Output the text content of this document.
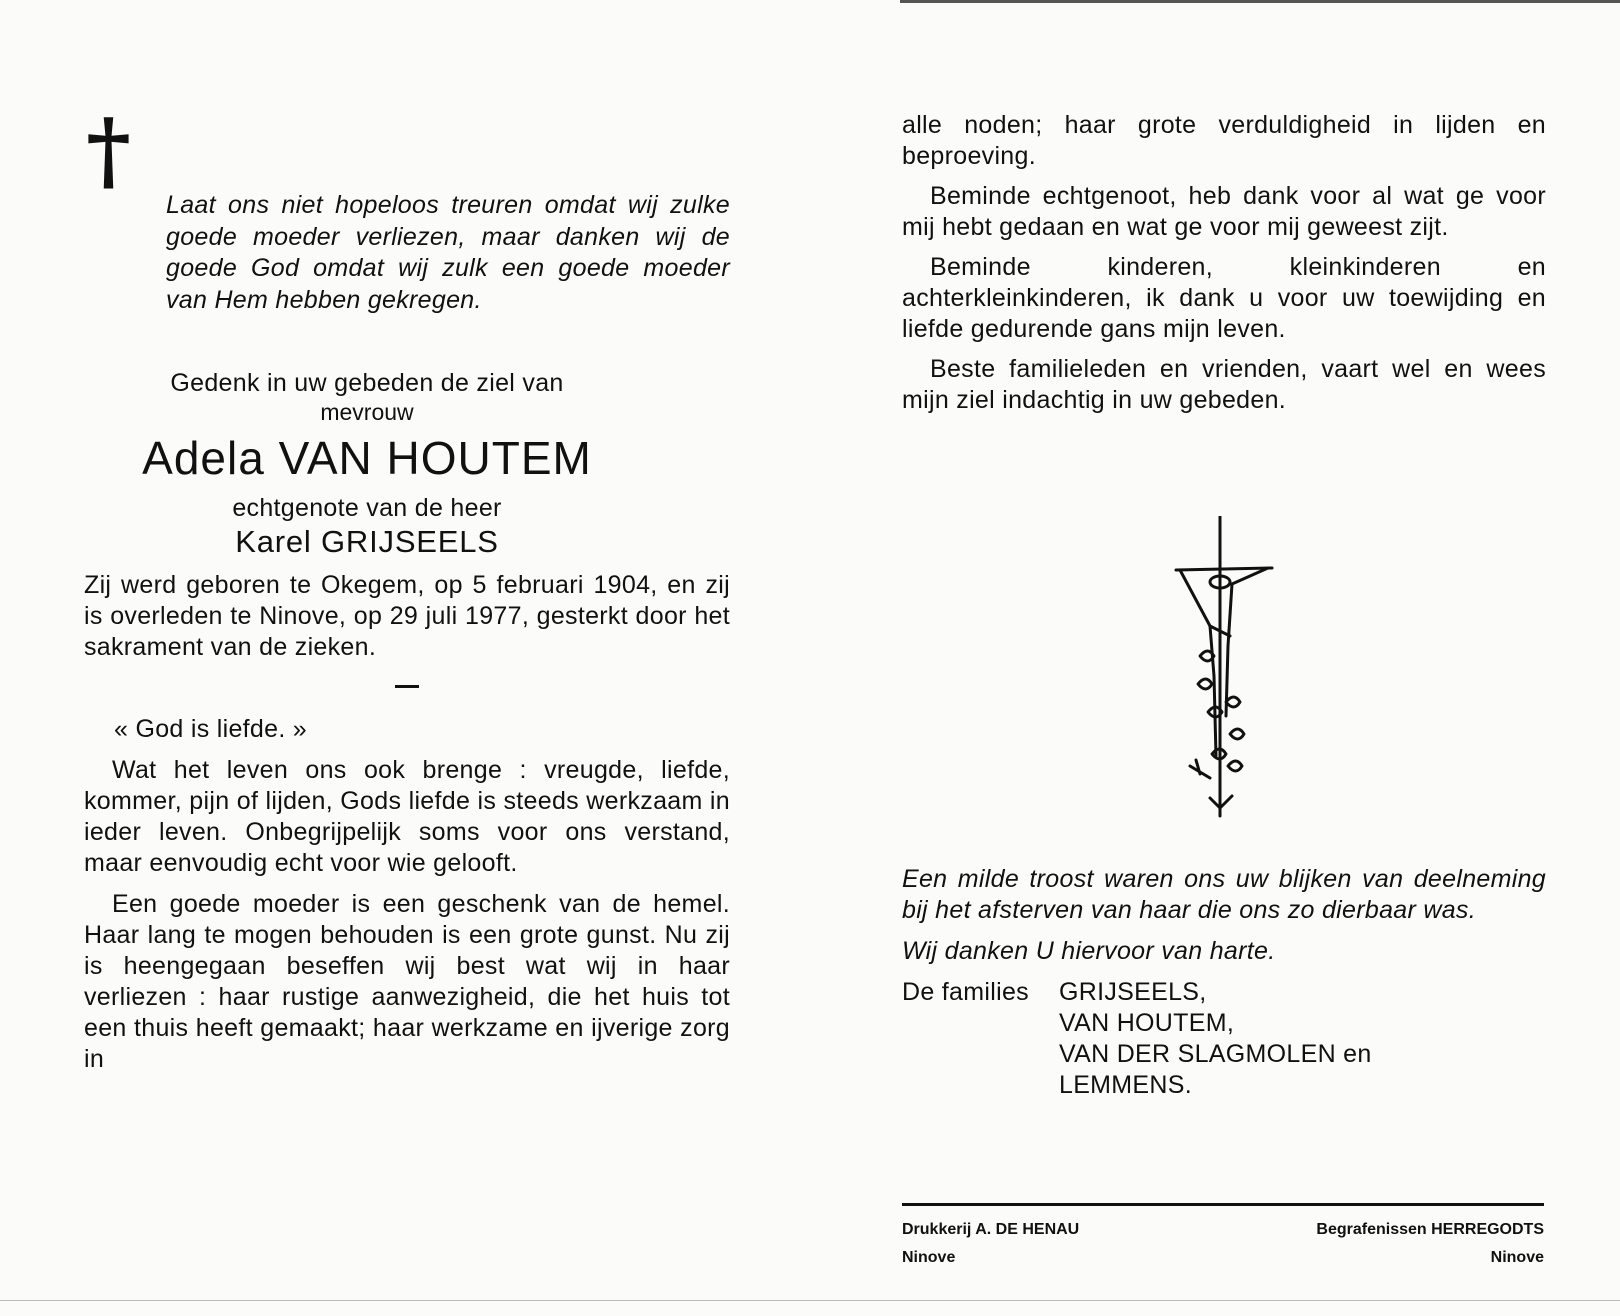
†
Laat ons niet hopeloos treuren omdat wij zulke goede moeder verliezen, maar danken wij de goede God omdat wij zulk een goede moeder van Hem hebben gekregen.

Gedenk in uw gebeden de ziel van

mevrouw

Adela VAN HOUTEM

echtgenote van de heer

Karel GRIJSEELS

Zij werd geboren te Okegem, op 5 februari 1904, en zij is overleden te Ninove, op 29 juli 1977, gesterkt door het sakrament van de zieken.

« God is liefde. »

Wat het leven ons ook brenge : vreugde, liefde, kommer, pijn of lijden, Gods liefde is steeds werkzaam in ieder leven. Onbegrijpelijk soms voor ons verstand, maar eenvoudig echt voor wie gelooft.

Een goede moeder is een geschenk van de hemel. Haar lang te mogen behouden is een grote gunst. Nu zij is heengegaan beseffen wij best wat wij in haar verliezen : haar rustige aanwezigheid, die het huis tot een thuis heeft gemaakt; haar werkzame en ijverige zorg in

alle noden; haar grote verduldigheid in lijden en beproeving.

Beminde echtgenoot, heb dank voor al wat ge voor mij hebt gedaan en wat ge voor mij geweest zijt.

Beminde kinderen, kleinkinderen en achterkleinkinderen, ik dank u voor uw toewijding en liefde gedurende gans mijn leven.

Beste familieleden en vrienden, vaart wel en wees mijn ziel indachtig in uw gebeden.

Een milde troost waren ons uw blijken van deelneming bij het afsterven van haar die ons zo dierbaar was.

Wij danken U hiervoor van harte.

De families GRIJSEELS,

VAN HOUTEM,

VAN DER SLAGMOLEN en

LEMMENS.

Drukkerij A. DE HENAU
Ninove
Begrafenissen HERREGODTS
Ninove
